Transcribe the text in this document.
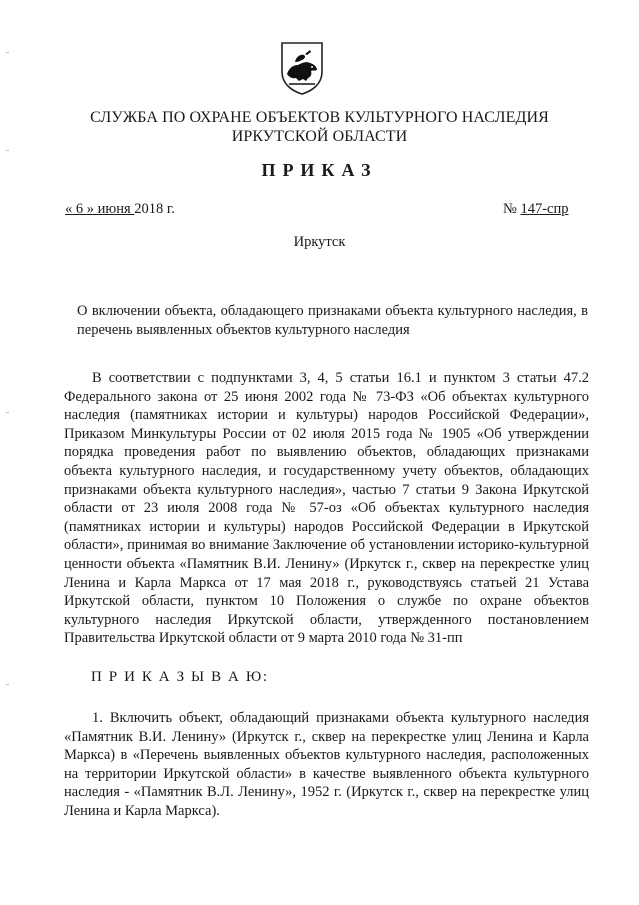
СЛУЖБА ПО ОХРАНЕ ОБЪЕКТОВ КУЛЬТУРНОГО НАСЛЕДИЯ
ИРКУТСКОЙ ОБЛАСТИ
ПРИКАЗ
« 6 » июня 2018 г.	№ 147-спр
Иркутск
О включении объекта, обладающего признаками объекта культурного наследия, в перечень выявленных объектов культурного наследия

В соответствии с подпунктами 3, 4, 5 статьи 16.1 и пунктом 3 статьи 47.2 Федерального закона от 25 июня 2002 года № 73-ФЗ «Об объектах культурного наследия (памятниках истории и культуры) народов Российской Федерации», Приказом Минкультуры России от 02 июля 2015 года № 1905 «Об утверждении порядка проведения работ по выявлению объектов, обладающих признаками объекта культурного наследия, и государственному учету объектов, обладающих признаками объекта культурного наследия», частью 7 статьи 9 Закона Иркутской области от 23 июля 2008 года № 57-оз «Об объектах культурного наследия (памятниках истории и культуры) народов Российской Федерации в Иркутской области», принимая во внимание Заключение об установлении историко-культурной ценности объекта «Памятник В.И. Ленину» (Иркутск г., сквер на перекрестке улиц Ленина и Карла Маркса от 17 мая 2018 г., руководствуясь статьей 21 Устава Иркутской области, пунктом 10 Положения о службе по охране объектов культурного наследия Иркутской области, утвержденного постановлением Правительства Иркутской области от 9 марта 2010 года № 31-пп

П Р И К А З Ы В А Ю:

1. Включить объект, обладающий признаками объекта культурного наследия «Памятник В.И. Ленину» (Иркутск г., сквер на перекрестке улиц Ленина и Карла Маркса) в «Перечень выявленных объектов культурного наследия, расположенных на территории Иркутской области» в качестве выявленного объекта культурного наследия - «Памятник В.Л. Ленину», 1952 г. (Иркутск г., сквер на перекрестке улиц Ленина и Карла Маркса).
